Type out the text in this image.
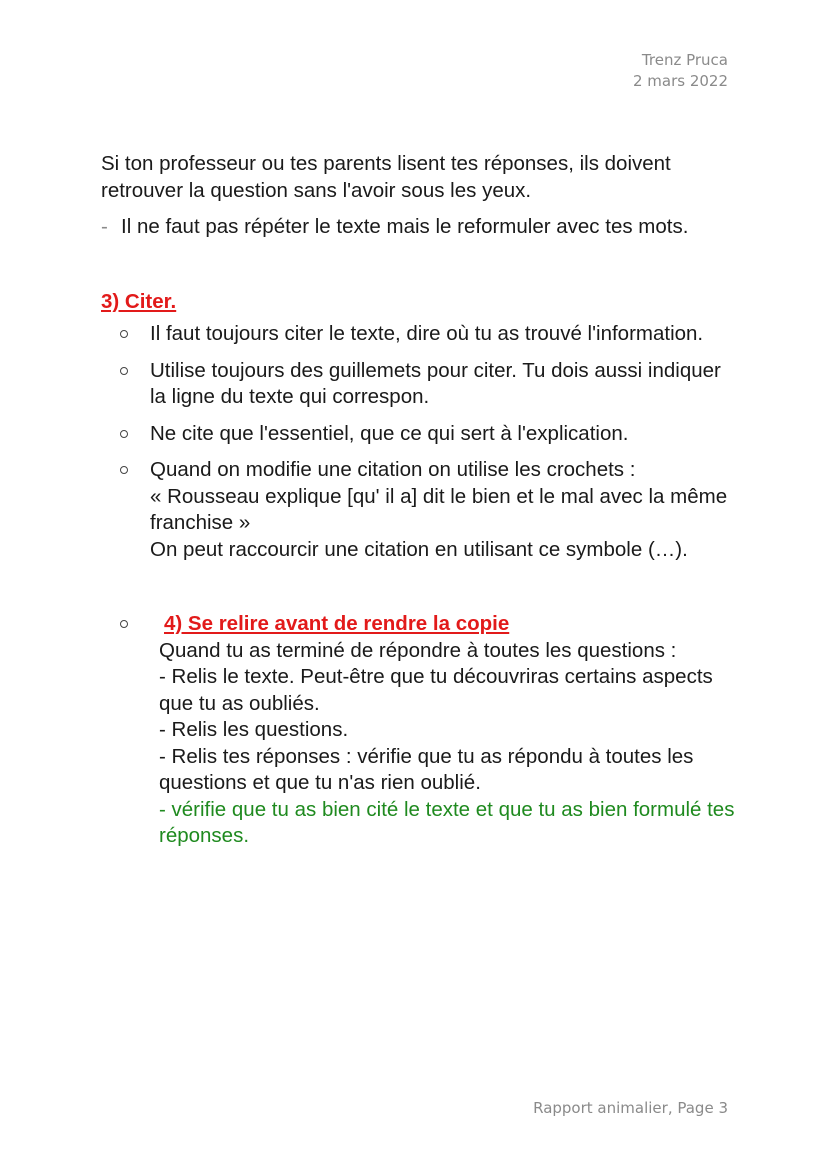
Trenz Pruca
2 mars 2022

Si ton professeur ou tes parents lisent tes réponses, ils doivent retrouver la question sans l'avoir sous les yeux.

- Il ne faut pas répéter le texte mais le reformuler avec tes mots.
3) Citer.
Il faut toujours citer le texte, dire où tu as trouvé l'information.
Utilise toujours des guillemets pour citer. Tu dois aussi indiquer la ligne du texte qui correspon.
Ne cite que l'essentiel, que ce qui sert à l'explication.
Quand on modifie une citation on utilise les crochets :
« Rousseau explique [qu' il a] dit le bien et le mal avec la même franchise »
On peut raccourcir une citation en utilisant ce symbole (…).
4) Se relire avant de rendre la copie
Quand tu as terminé de répondre à toutes les questions :
- Relis le texte. Peut-être que tu découvriras certains aspects que tu as oubliés.
- Relis les questions.
- Relis tes réponses : vérifie que tu as répondu à toutes les questions et que tu n'as rien oublié.
- vérifie que tu as bien cité le texte et que tu as bien formulé tes réponses.
Rapport animalier, Page 3
